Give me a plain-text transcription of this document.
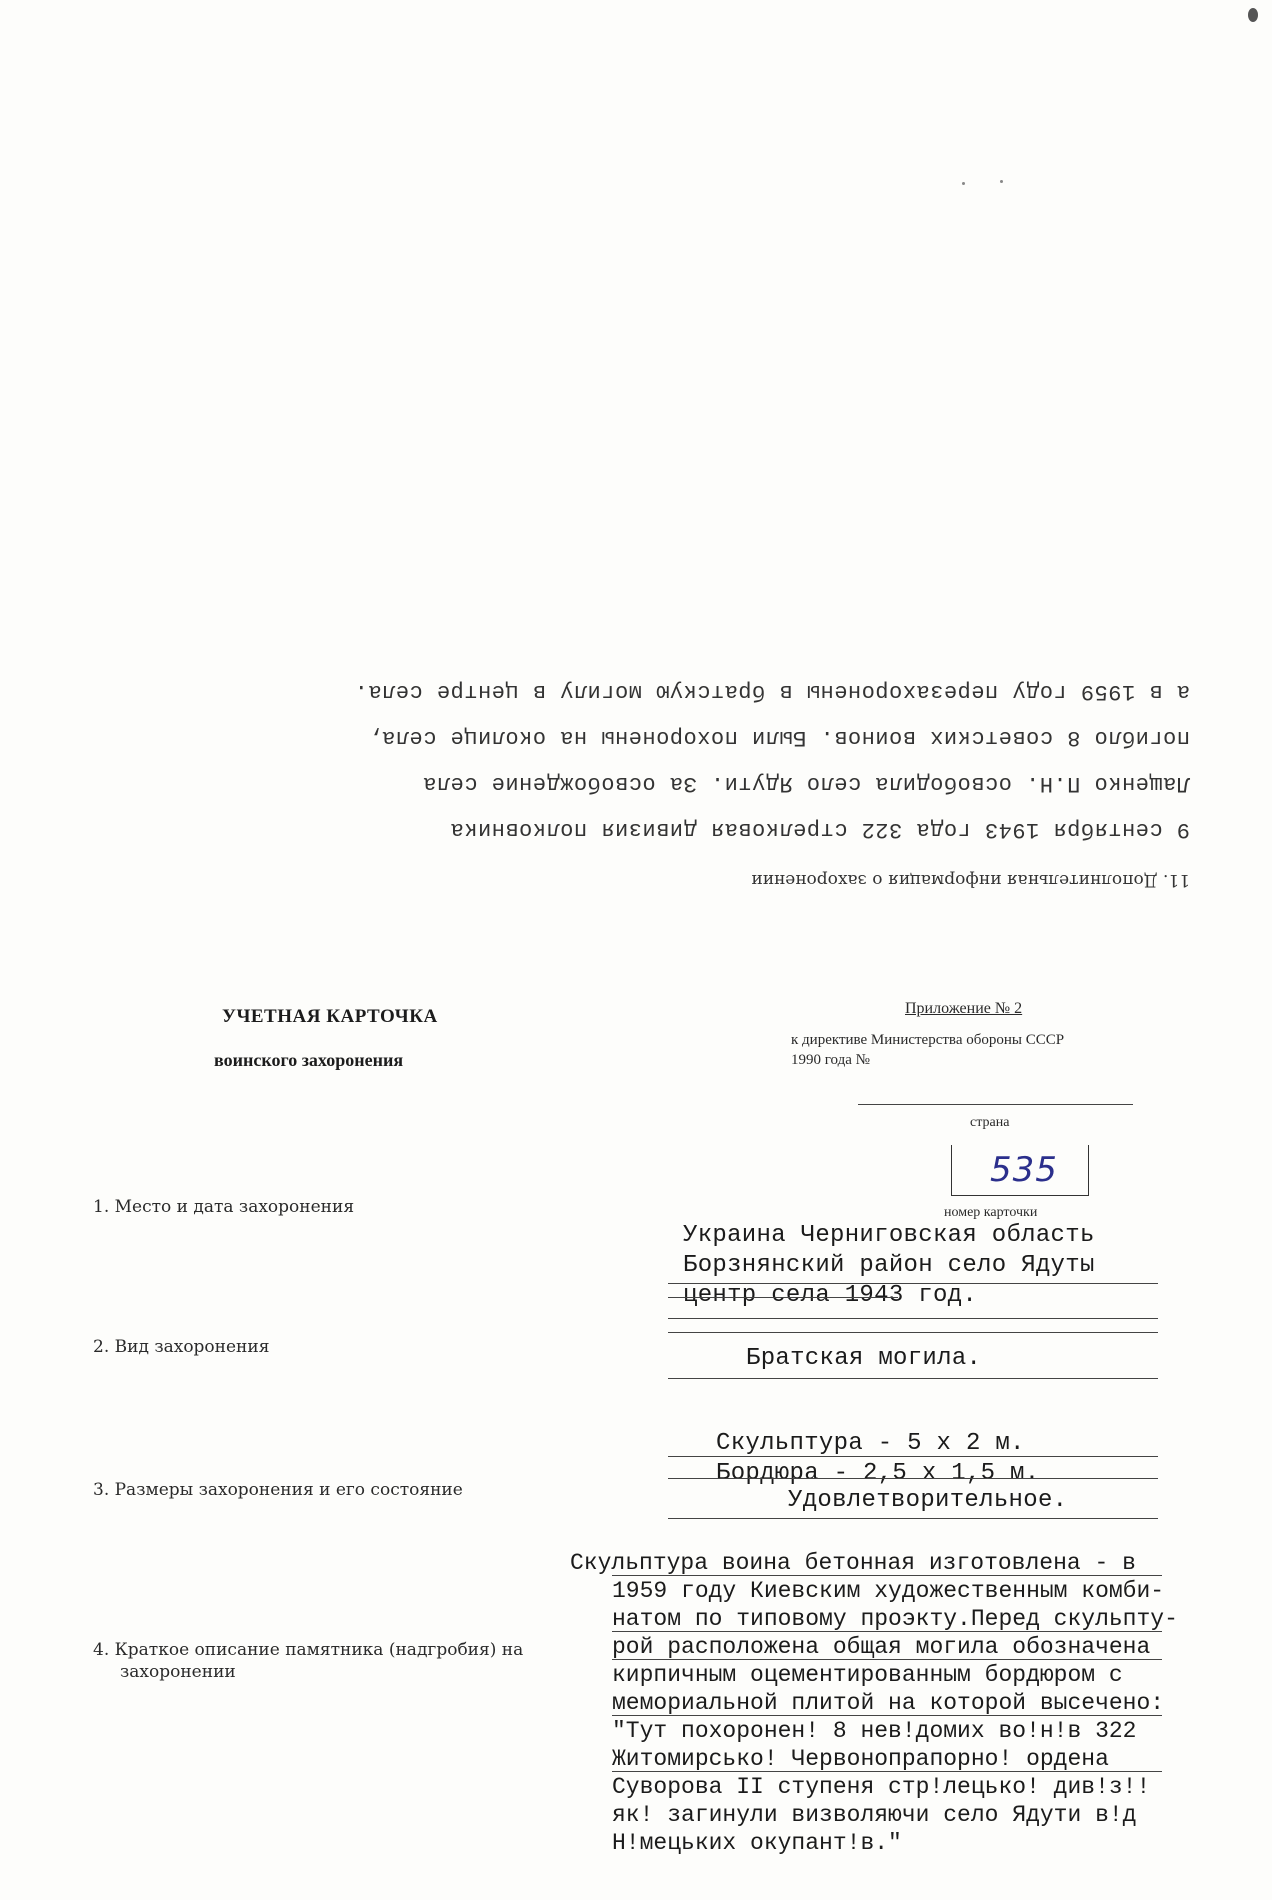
11. Дополнительная информация о захоронении
9 сентября 1943 года 322 стрелковая дивизия полковника
Лащенко П.Н. освободила село Ядути. За освобождение села
погибло 8 советских воинов. Были похоронены на околице села,
а в 1959 году перезахоронены в братскую могилу в центре села.
УЧЕТНАЯ КАРТОЧКА
воинского захоронения
Приложение № 2
к директиве Министерства обороны СССР
1990 года №
страна
535
номер карточки
1. Место и дата захоронения
Украина Черниговская область
Борзнянский район село Ядуты
центр села 1943 год.
2. Вид захоронения	Братская могила.
3. Размеры захоронения и его состояние
Скульптура - 5 х 2 м.
Бордюра - 2,5 х 1,5 м.
Удовлетворительное.
4. Краткое описание памятника (надгробия) на
захоронении
Скульптура воина бетонная изготовлена - в
1959 году Киевским художественным комби-
натом по типовому проэкту.Перед скульпту-
рой расположена общая могила обозначена
кирпичным оцементированным бордюром с
мемориальной плитой на которой высечено:
"Тут похоронен! 8 нев!домих во!н!в 322
Житомирсько! Червонопрапорно! ордена
Суворова II ступеня стр!лецько! див!з!!
як! загинули визволяючи село Ядути в!д
Н!мецьких окупант!в."
